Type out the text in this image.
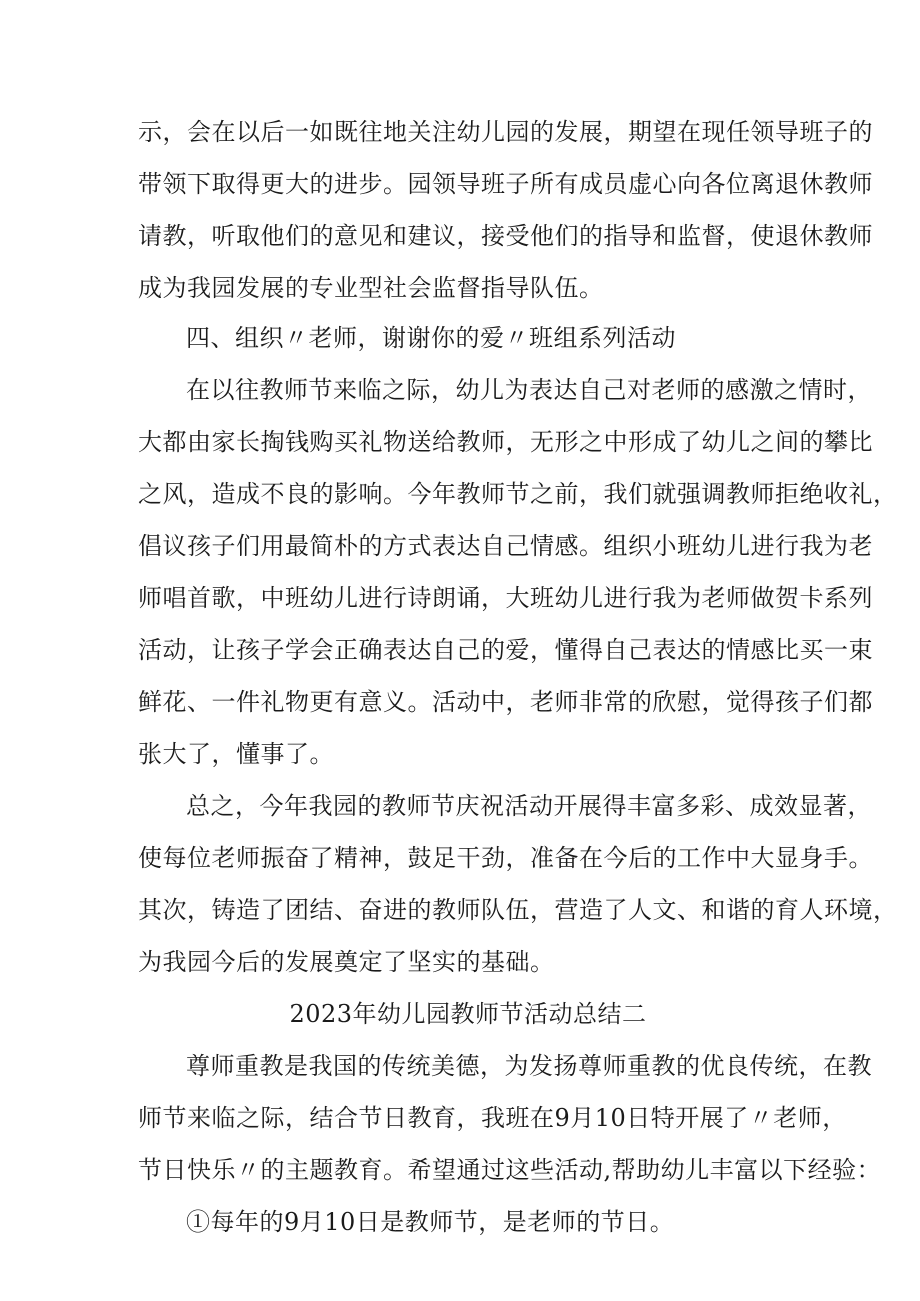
示，会在以后一如既往地关注幼儿园的发展，期望在现任领导班子的
带领下取得更大的进步。园领导班子所有成员虚心向各位离退休教师
请教，听取他们的意见和建议，接受他们的指导和监督，使退休教师
成为我园发展的专业型社会监督指导队伍。
四、组织〃老师，谢谢你的爱〃班组系列活动
在以往教师节来临之际，幼儿为表达自己对老师的感激之情时，
大都由家长掏钱购买礼物送给教师，无形之中形成了幼儿之间的攀比
之风，造成不良的影响。今年教师节之前，我们就强调教师拒绝收礼，
倡议孩子们用最简朴的方式表达自己情感。组织小班幼儿进行我为老
师唱首歌，中班幼儿进行诗朗诵，大班幼儿进行我为老师做贺卡系列
活动，让孩子学会正确表达自己的爱，懂得自己表达的情感比买一束
鲜花、一件礼物更有意义。活动中，老师非常的欣慰，觉得孩子们都
张大了，懂事了。
总之，今年我园的教师节庆祝活动开展得丰富多彩、成效显著，
使每位老师振奋了精神，鼓足干劲，准备在今后的工作中大显身手。
其次，铸造了团结、奋进的教师队伍，营造了人文、和谐的育人环境，
为我园今后的发展奠定了坚实的基础。
2023年幼儿园教师节活动总结二
尊师重教是我国的传统美德，为发扬尊师重教的优良传统，在教
师节来临之际，结合节日教育，我班在9月10日特开展了〃老师，
节日快乐〃的主题教育。希望通过这些活动,帮助幼儿丰富以下经验：
①每年的9月10日是教师节，是老师的节日。
